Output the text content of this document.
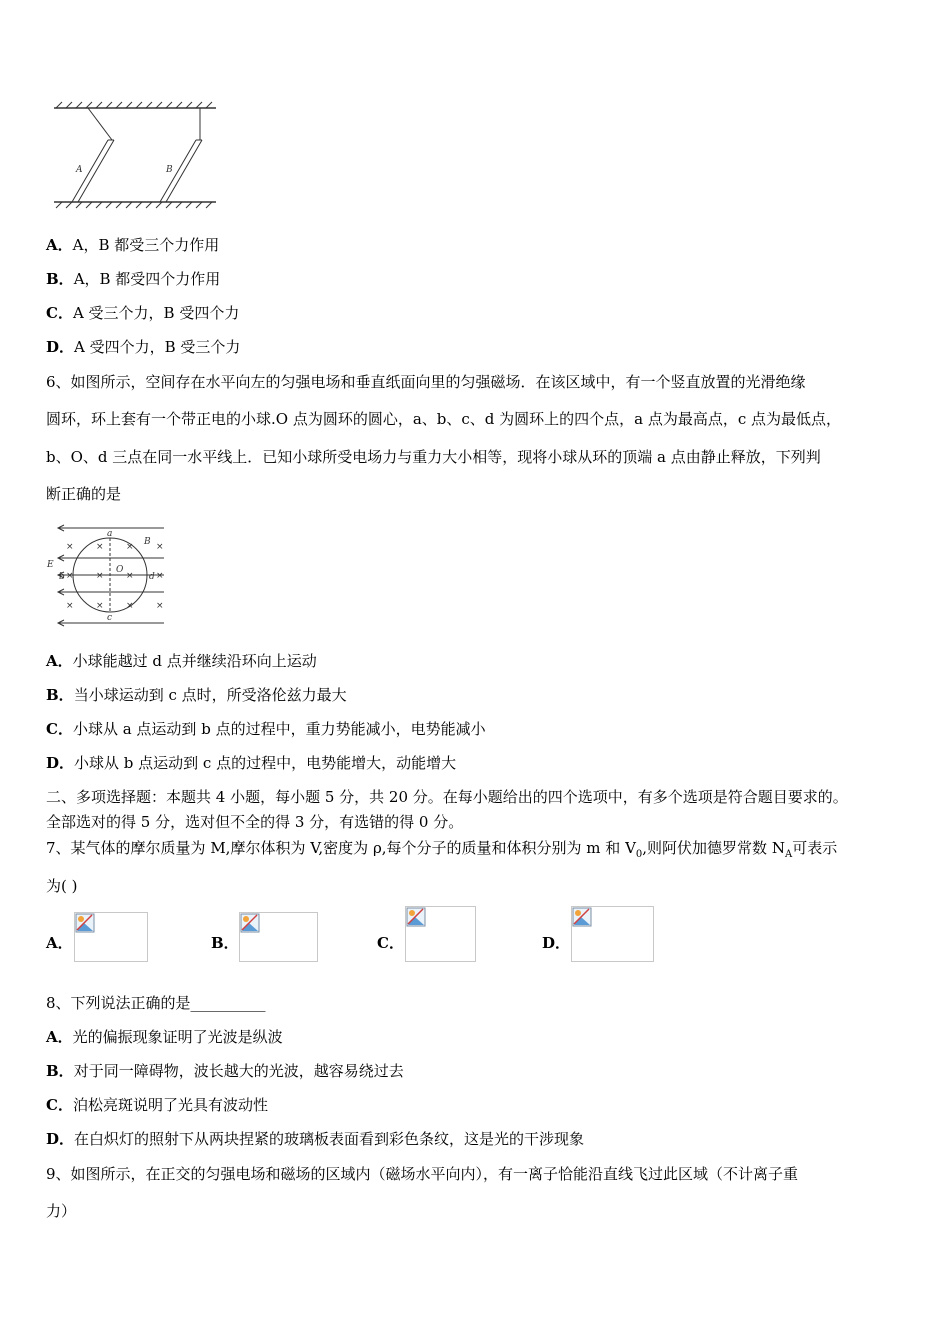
A	B
A．A，B 都受三个力作用
B．A，B 都受四个力作用
C．A 受三个力，B 受四个力
D．A 受四个力，B 受三个力
6、如图所示，空间存在水平向左的匀强电场和垂直纸面向里的匀强磁场．在该区域中，有一个竖直放置的光滑绝缘
圆环，环上套有一个带正电的小球.O 点为圆环的圆心，a、b、c、d 为圆环上的四个点，a 点为最高点，c 点为最低点，
b、O、d 三点在同一水平线上．已知小球所受电场力与重力大小相等，现将小球从环的顶端 a 点由静止释放，下列判
断正确的是
× × × ×
× × × ×
× × × ×
E
B
a
b
O
d
c
A．小球能越过 d 点并继续沿环向上运动
B．当小球运动到 c 点时，所受洛伦兹力最大
C．小球从 a 点运动到 b 点的过程中，重力势能减小，电势能减小
D．小球从 b 点运动到 c 点的过程中，电势能增大，动能增大
二、多项选择题：本题共 4 小题，每小题 5 分，共 20 分。在每小题给出的四个选项中，有多个选项是符合题目要求的。
全部选对的得 5 分，选对但不全的得 3 分，有选错的得 0 分。
7、某气体的摩尔质量为 M,摩尔体积为 V,密度为 ρ,每个分子的质量和体积分别为 m 和 $V_0$,则阿伏加德罗常数 $N_A$可表示
为( )
A．	B．	C．	D．
8、下列说法正确的是__________
A．光的偏振现象证明了光波是纵波
B．对于同一障碍物，波长越大的光波，越容易绕过去
C．泊松亮斑说明了光具有波动性
D．在白炽灯的照射下从两块捏紧的玻璃板表面看到彩色条纹，这是光的干涉现象
9、如图所示，在正交的匀强电场和磁场的区域内（磁场水平向内），有一离子恰能沿直线飞过此区域（不计离子重
力）
